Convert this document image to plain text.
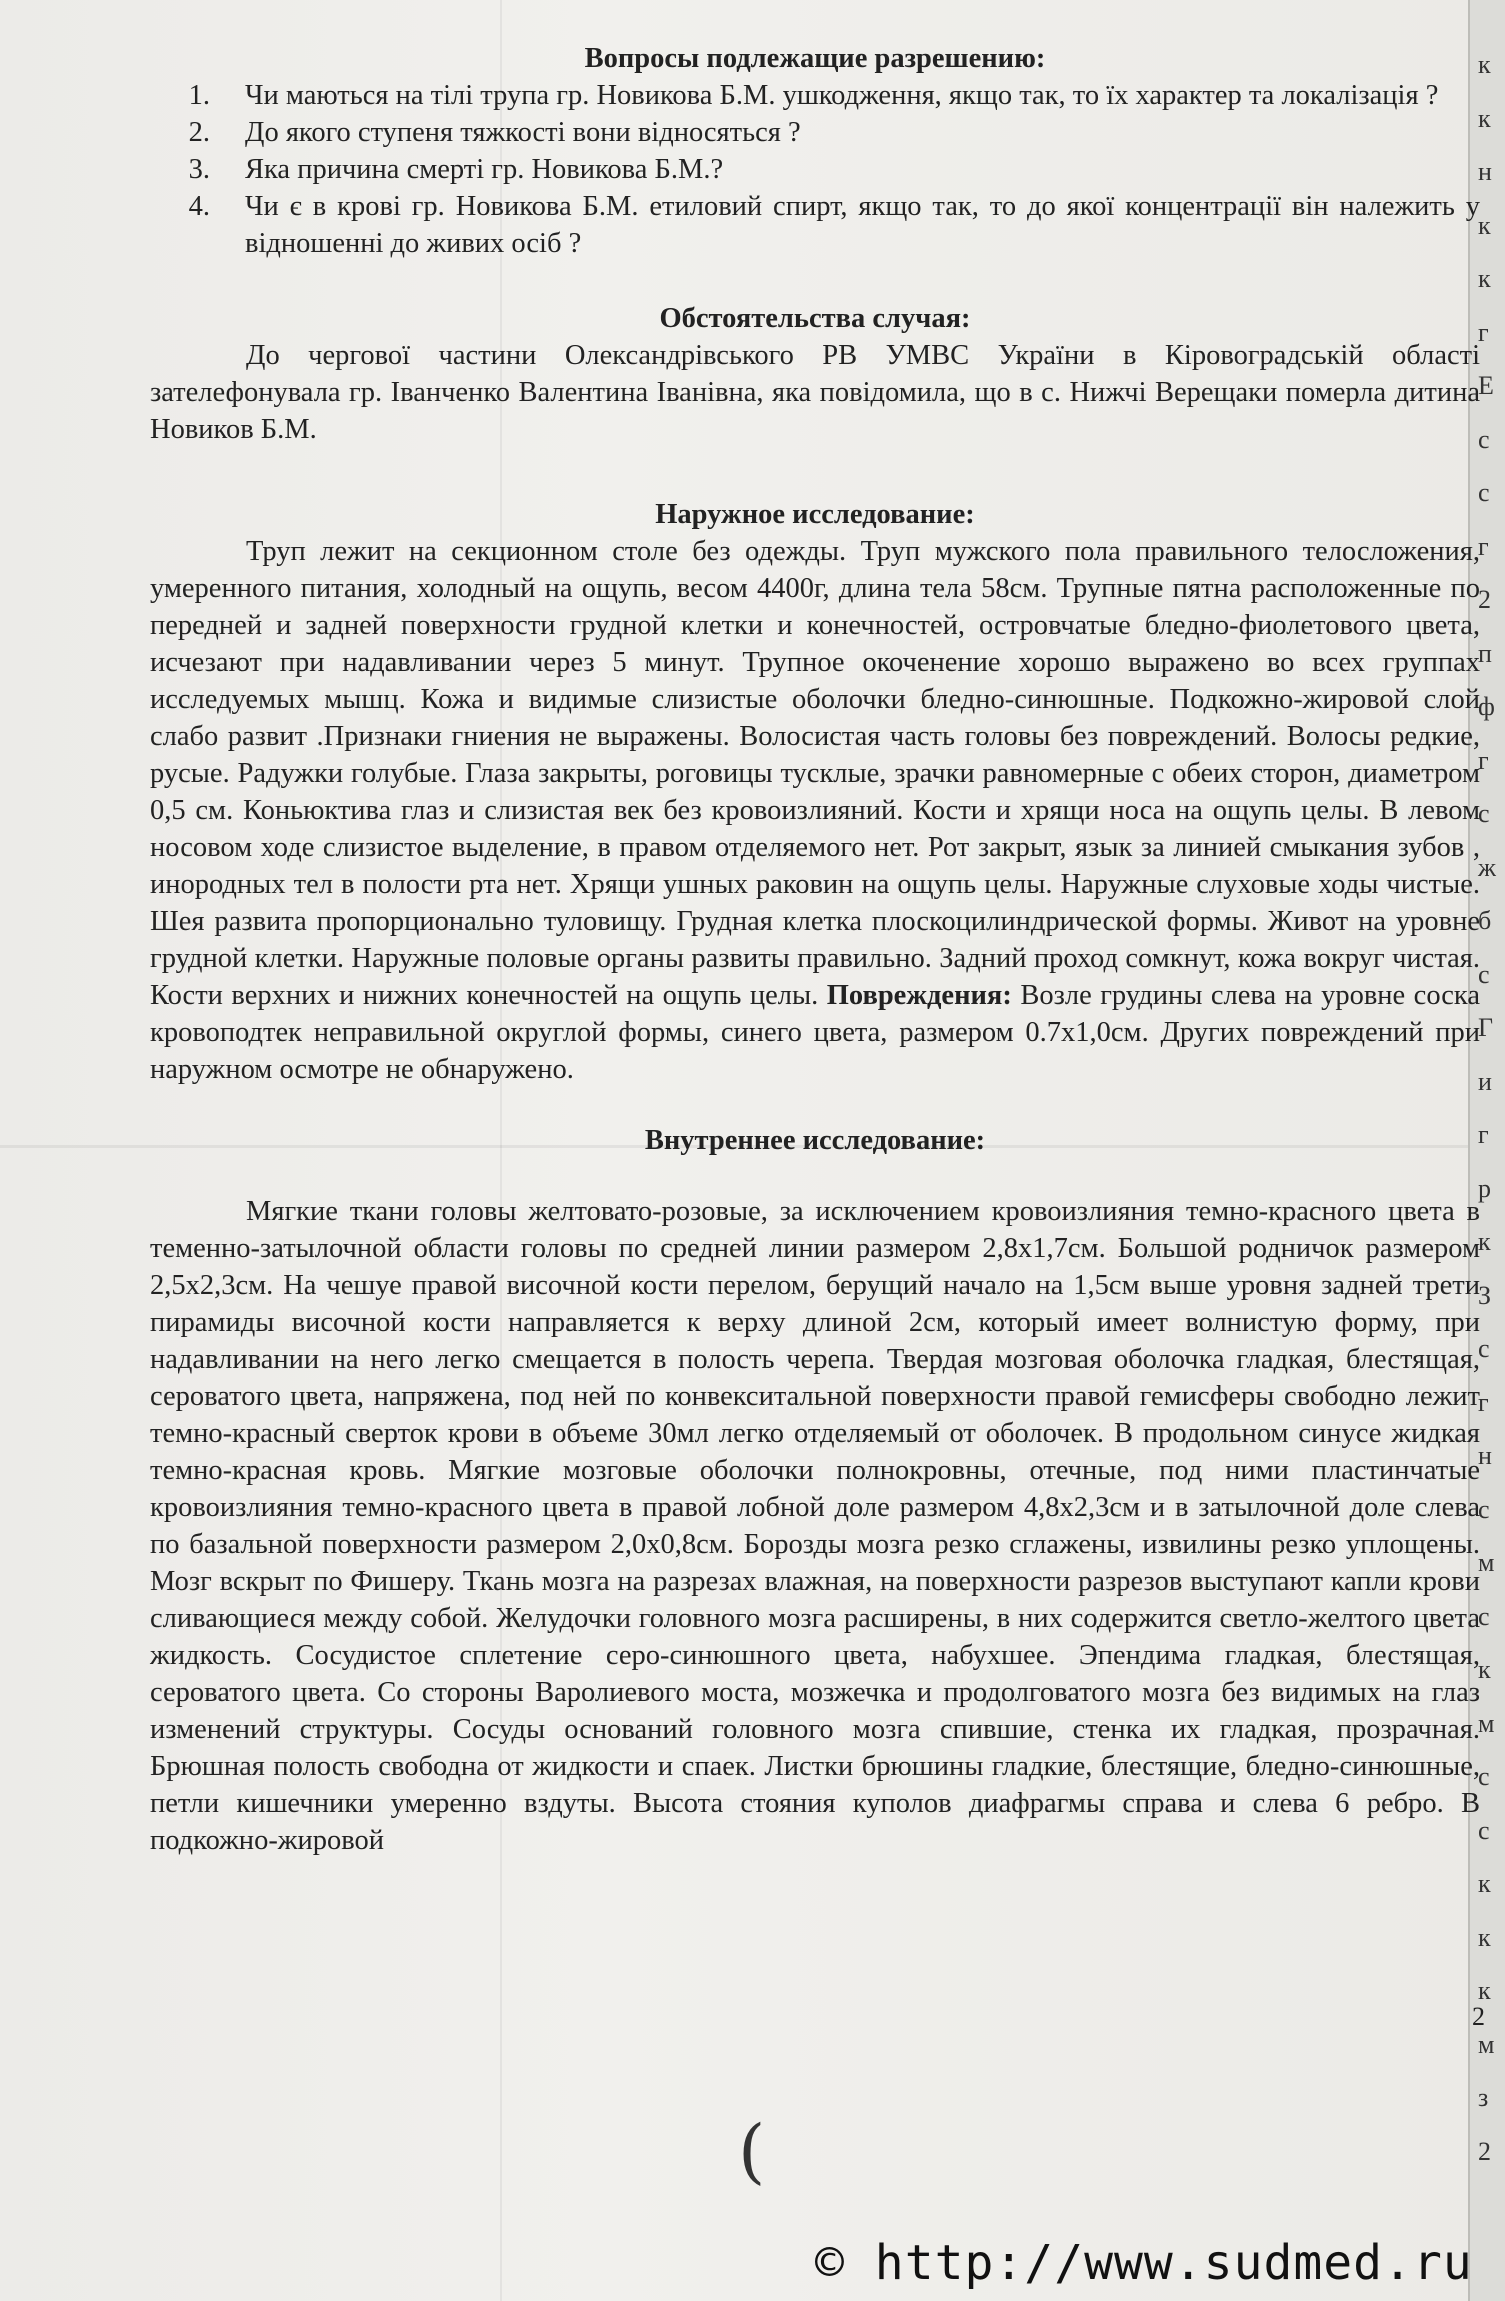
к
к
н
к
к
г
Е
с
с
г
2
п
ф
г
с
ж
б
с
Г
и
г
р
к
З
с
г
н
с
м
с
к
м
с
с
к
к
к
м
з
2
Вопросы подлежащие разрешению:
1. Чи маються на тілі трупа гр. Новикова Б.М. ушкодження, якщо так, то їх характер та локалізація ?
2. До якого ступеня тяжкості вони відносяться ?
3. Яка причина смерті гр. Новикова Б.М.?
4. Чи є в крові гр. Новикова Б.М. етиловий спирт, якщо так, то до якої концентрації він належить у відношенні до живих осіб ?
Обстоятельства случая:

До чергової частини Олександрівського РВ УМВС України в Кіровоградській області зателефонувала гр. Іванченко Валентина Іванівна, яка повідомила, що в с. Нижчі Верещаки померла дитина Новиков Б.М.

Наружное исследование:

Труп лежит на секционном столе без одежды. Труп мужского пола правильного телосложения, умеренного питания, холодный на ощупь, весом 4400г, длина тела 58см. Трупные пятна расположенные по передней и задней поверхности грудной клетки и конечностей, островчатые бледно-фиолетового цвета, исчезают при надавливании через 5 минут. Трупное окоченение хорошо выражено во всех группах исследуемых мышц. Кожа и видимые слизистые оболочки бледно-синюшные. Подкожно-жировой слой слабо развит .Признаки гниения не выражены. Волосистая часть головы без повреждений. Волосы редкие, русые. Радужки голубые. Глаза закрыты, роговицы тусклые, зрачки равномерные с обеих сторон, диаметром 0,5 см. Коньюктива глаз и слизистая век без кровоизлияний. Кости и хрящи носа на ощупь целы. В левом носовом ходе слизистое выделение, в правом отделяемого нет. Рот закрыт, язык за линией смыкания зубов , инородных тел в полости рта нет. Хрящи ушных раковин на ощупь целы. Наружные слуховые ходы чистые. Шея развита пропорционально туловищу. Грудная клетка плоскоцилиндрической формы. Живот на уровне грудной клетки. Наружные половые органы развиты правильно. Задний проход сомкнут, кожа вокруг чистая. Кости верхних и нижних конечностей на ощупь целы. Повреждения: Возле грудины слева на уровне соска кровоподтек неправильной округлой формы, синего цвета, размером 0.7х1,0см. Других повреждений при наружном осмотре не обнаружено.

Внутреннее исследование:

Мягкие ткани головы желтовато-розовые, за исключением кровоизлияния темно-красного цвета в теменно-затылочной области головы по средней линии размером 2,8х1,7см. Большой родничок размером 2,5х2,3см. На чешуе правой височной кости перелом, берущий начало на 1,5см выше уровня задней трети пирамиды височной кости направляется к верху длиной 2см, который имеет волнистую форму, при надавливании на него легко смещается в полость черепа. Твердая мозговая оболочка гладкая, блестящая, сероватого цвета, напряжена, под ней по конвекситальной поверхности правой гемисферы свободно лежит темно-красный сверток крови в объеме 30мл легко отделяемый от оболочек. В продольном синусе жидкая темно-красная кровь. Мягкие мозговые оболочки полнокровны, отечные, под ними пластинчатые кровоизлияния темно-красного цвета в правой лобной доле размером 4,8х2,3см и в затылочной доле слева по базальной поверхности размером 2,0х0,8см. Борозды мозга резко сглажены, извилины резко уплощены. Мозг вскрыт по Фишеру. Ткань мозга на разрезах влажная, на поверхности разрезов выступают капли крови сливающиеся между собой. Желудочки головного мозга расширены, в них содержится светло-желтого цвета жидкость. Сосудистое сплетение серо-синюшного цвета, набухшее. Эпендима гладкая, блестящая, сероватого цвета. Со стороны Варолиевого моста, мозжечка и продолговатого мозга без видимых на глаз изменений структуры. Сосуды оснований головного мозга спившие, стенка их гладкая, прозрачная. Брюшная полость свободна от жидкости и спаек. Листки брюшины гладкие, блестящие, бледно-синюшные, петли кишечники умеренно вздуты. Высота стояния куполов диафрагмы справа и слева 6 ребро. В подкожно-жировой

(
2
© http://www.sudmed.ru
